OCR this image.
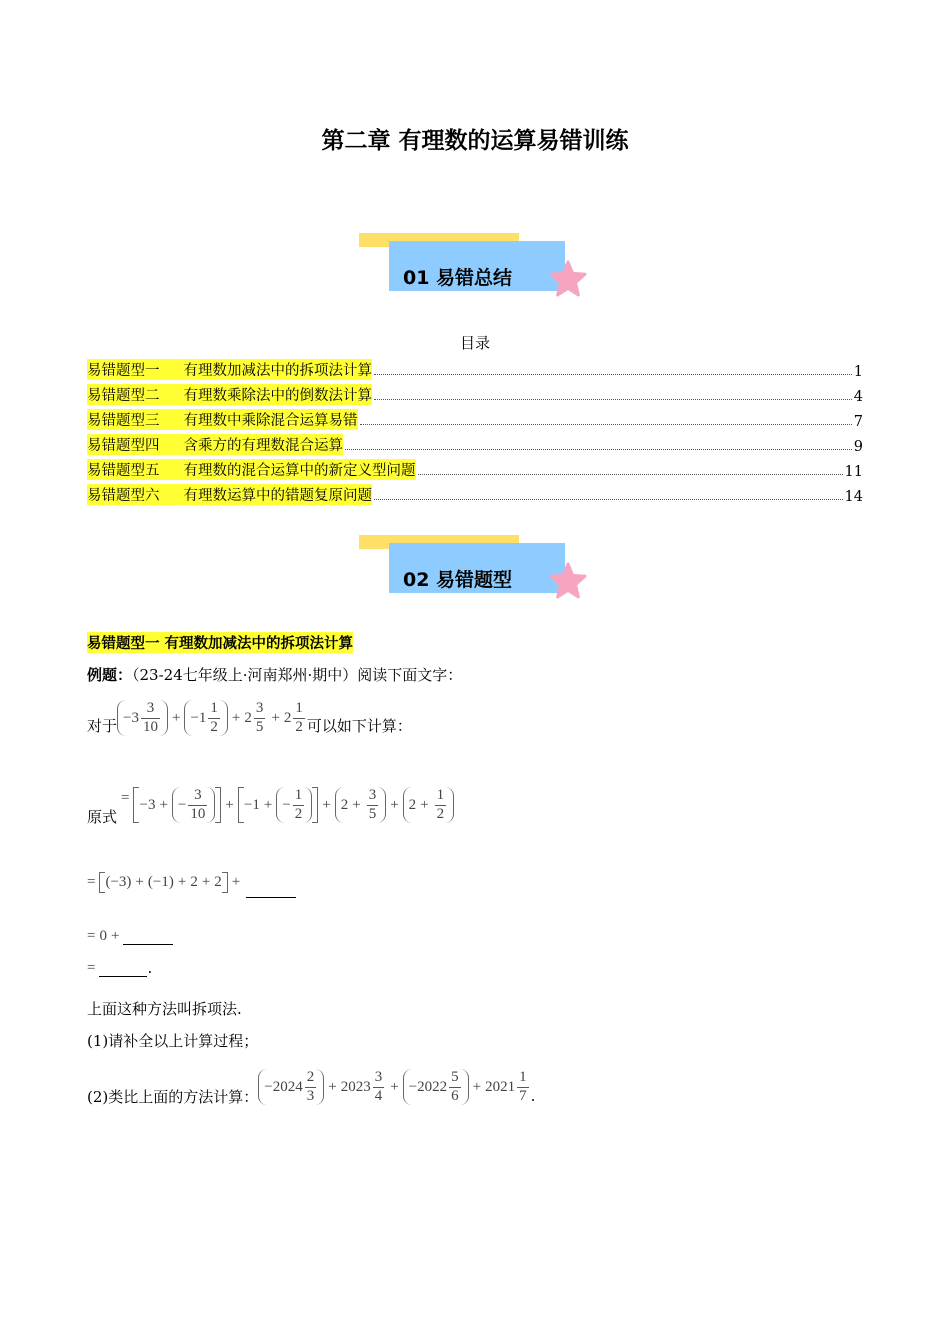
第二章 有理数的运算易错训练
01 易错总结
目录
易错题型一 有理数加减法中的拆项法计算	1
易错题型二 有理数乘除法中的倒数法计算	4
易错题型三 有理数中乘除混合运算易错	7
易错题型四 含乘方的有理数混合运算	9
易错题型五 有理数的混合运算中的新定义型问题	11
易错题型六 有理数运算中的错题复原问题	14
02 易错题型
易错题型一 有理数加减法中的拆项法计算
例题：（23-24七年级上·河南郑州·期中）阅读下面文字：
对于 $-3 \frac{3}{10} + -1 \frac{1}{2} + 2 \frac{3}{5} + 2 \frac{1}{2}$ 可以如下计算：
原式
= −3 + − $\frac{3}{10} + -1$ + − $\frac{1}{2} + 2 + \frac{3}{5} + 2 + \frac{1}{2}$
= (−3) + (−1) + 2 + 2 +
= 0 +
=	.
上面这种方法叫拆项法.
(1)请补全以上计算过程；
(2)类比上面的方法计算：
$-2024 \frac{2}{3} + 2023 \frac{3}{4} + -2022 \frac{5}{6} + 2021 \frac{1}{7}$ .
